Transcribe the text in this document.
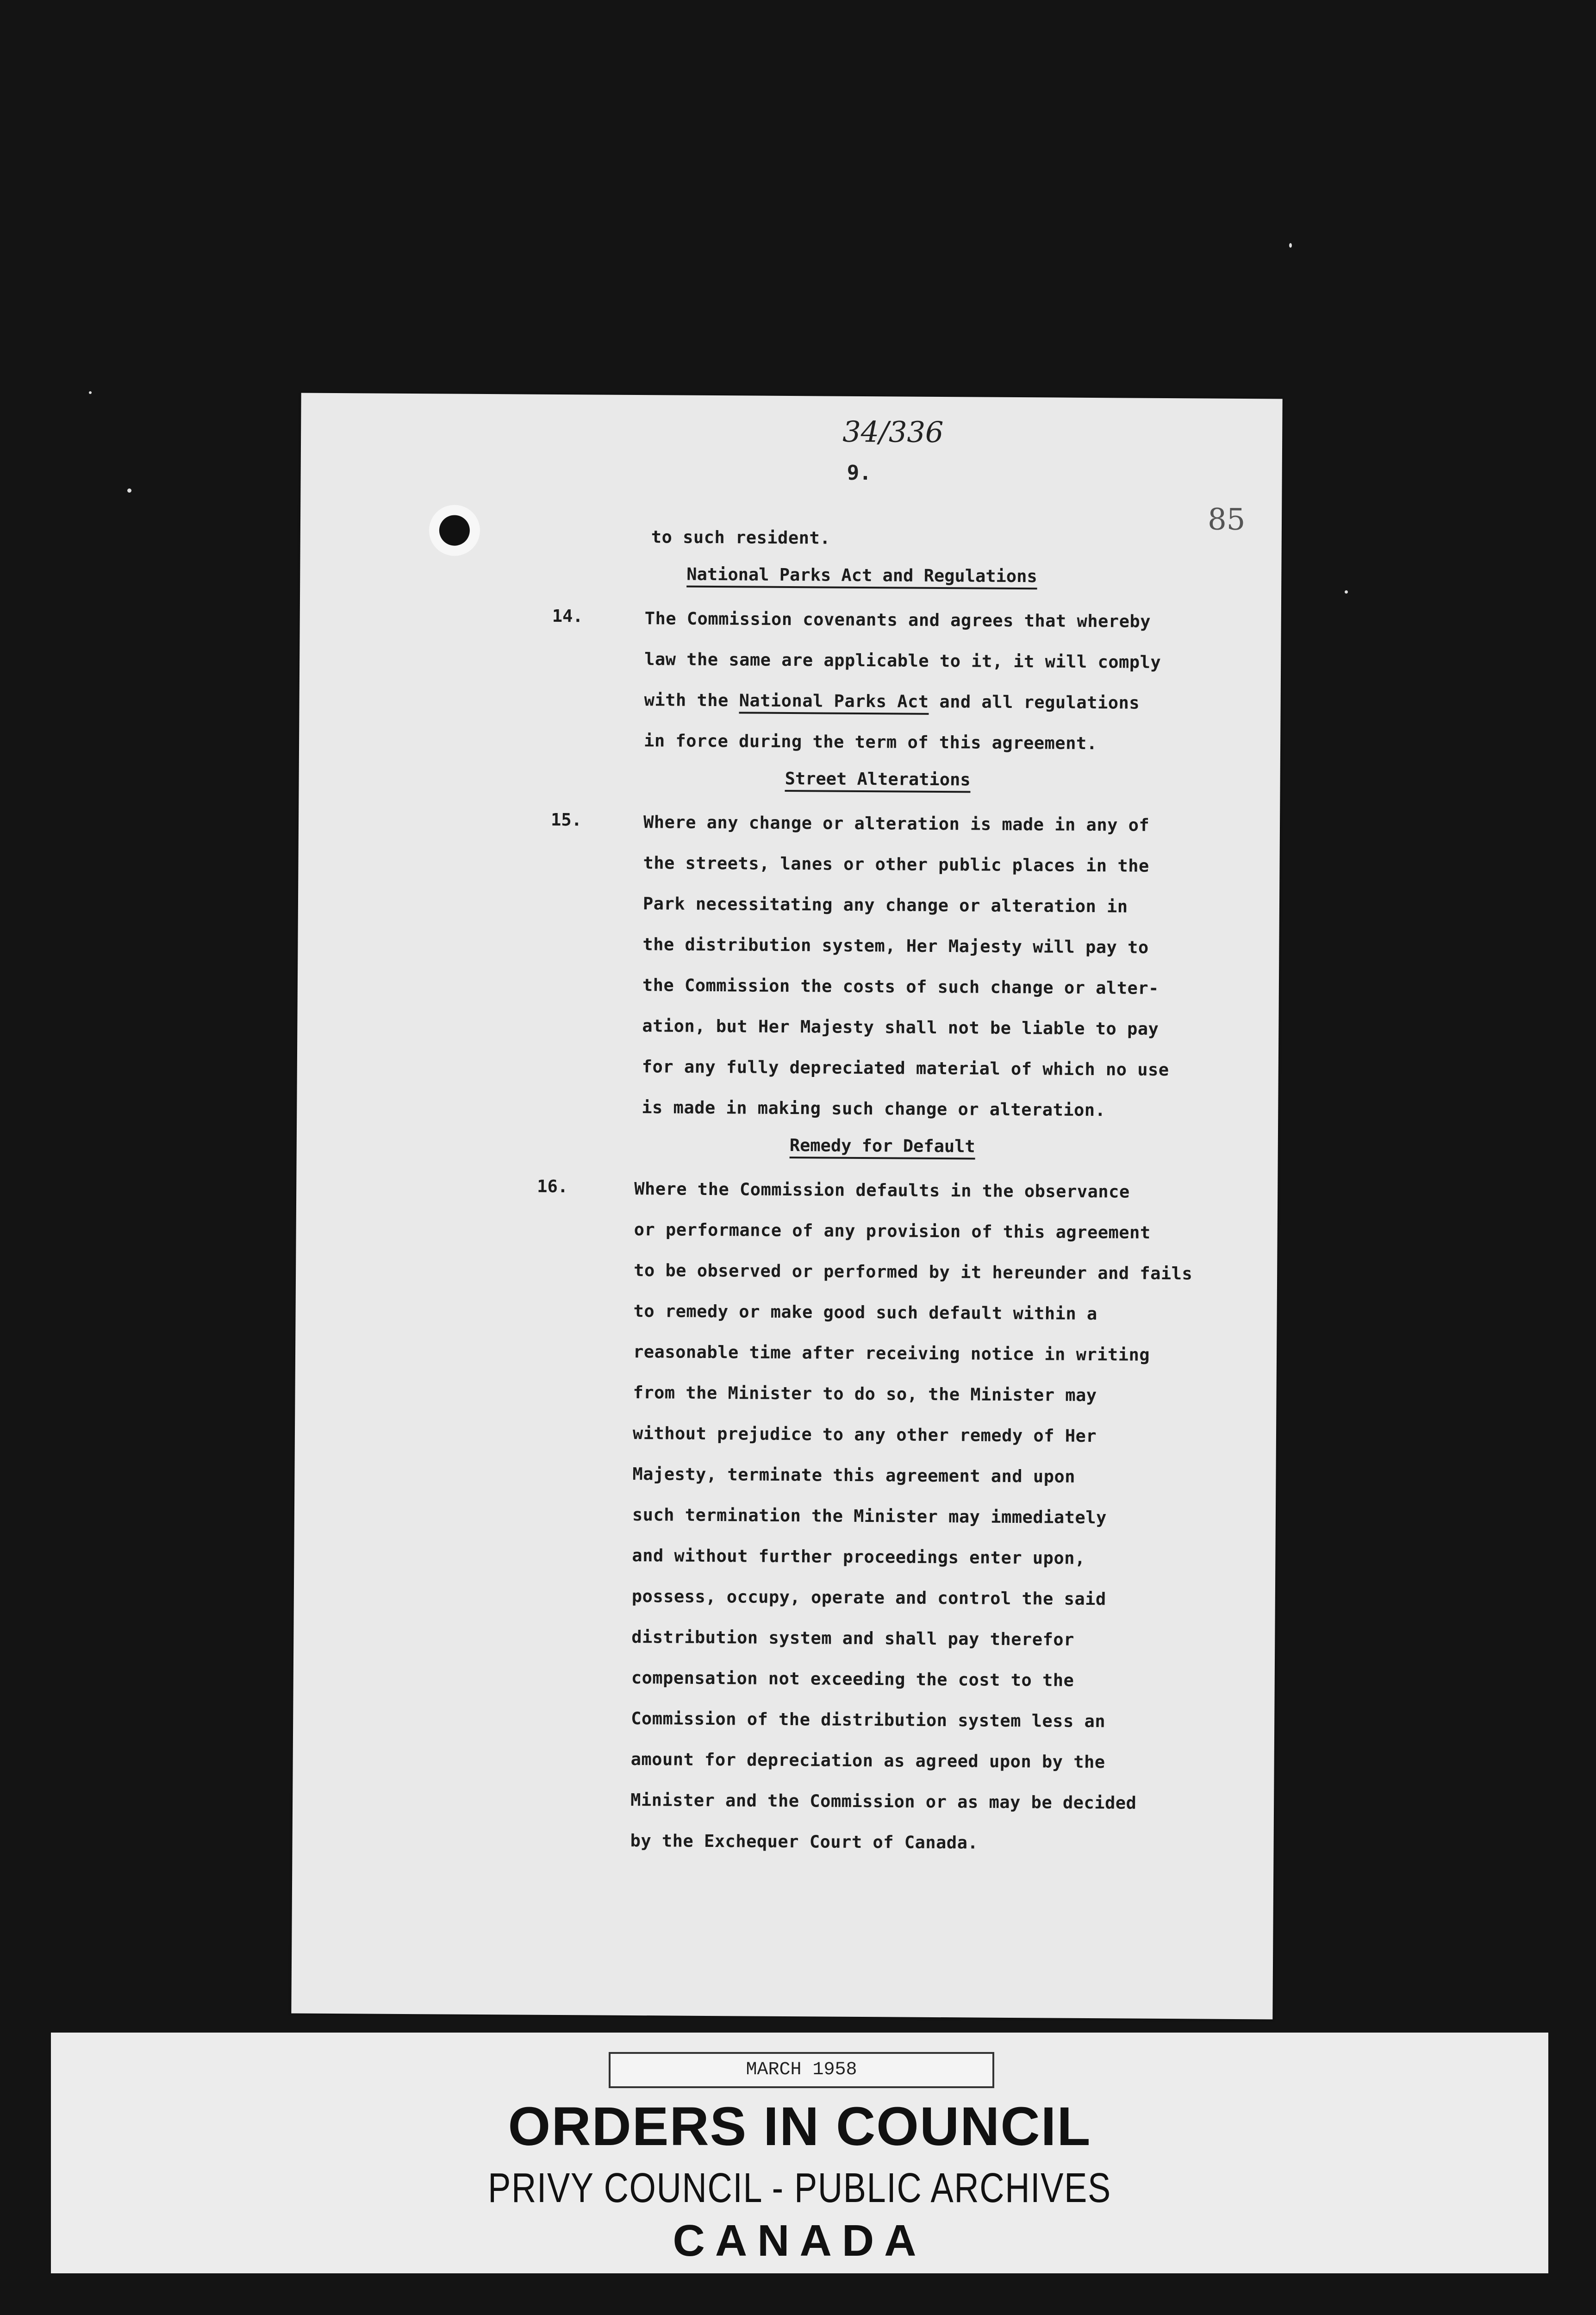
34/336
9.
85
to such resident.
National Parks Act and Regulations
14.	The Commission covenants and agrees that whereby
law the same are applicable to it, it will comply
with the National Parks Act and all regulations
in force during the term of this agreement.
Street Alterations
15.	Where any change or alteration is made in any of
the streets, lanes or other public places in the
Park necessitating any change or alteration in
the distribution system, Her Majesty will pay to
the Commission the costs of such change or alter-
ation, but Her Majesty shall not be liable to pay
for any fully depreciated material of which no use
is made in making such change or alteration.
Remedy for Default
16.	Where the Commission defaults in the observance
or performance of any provision of this agreement
to be observed or performed by it hereunder and fails
to remedy or make good such default within a
reasonable time after receiving notice in writing
from the Minister to do so, the Minister may
without prejudice to any other remedy of Her
Majesty, terminate this agreement and upon
such termination the Minister may immediately
and without further proceedings enter upon,
possess, occupy, operate and control the said
distribution system and shall pay therefor
compensation not exceeding the cost to the
Commission of the distribution system less an
amount for depreciation as agreed upon by the
Minister and the Commission or as may be decided
by the Exchequer Court of Canada.
MARCH 1958
ORDERS IN COUNCIL
PRIVY COUNCIL - PUBLIC ARCHIVES
CANADA
